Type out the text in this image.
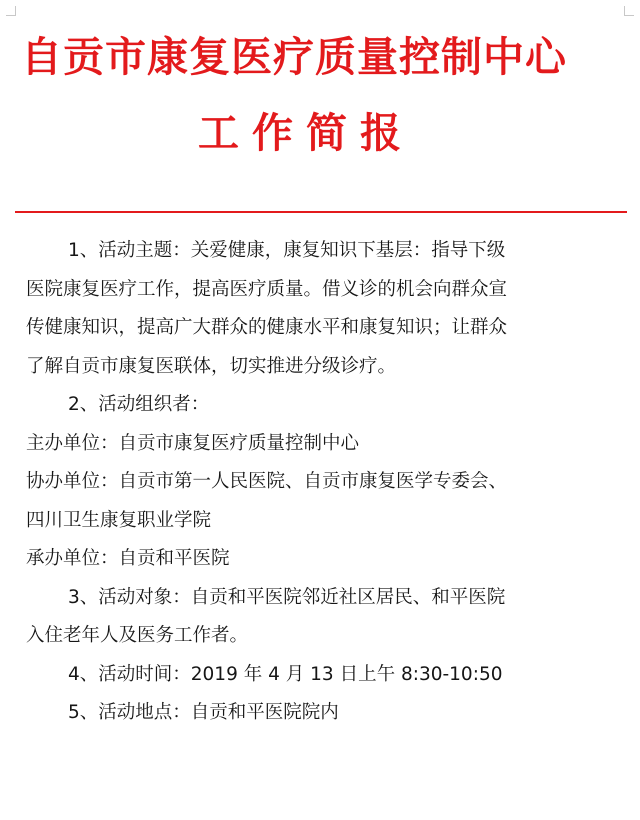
自贡市康复医疗质量控制中心
工作简报

1、活动主题：关爱健康，康复知识下基层：指导下级
医院康复医疗工作，提高医疗质量。借义诊的机会向群众宣
传健康知识，提高广大群众的健康水平和康复知识；让群众
了解自贡市康复医联体，切实推进分级诊疗。

2、活动组织者：

主办单位：自贡市康复医疗质量控制中心

协办单位：自贡市第一人民医院、自贡市康复医学专委会、
四川卫生康复职业学院

承办单位：自贡和平医院

3、活动对象：自贡和平医院邻近社区居民、和平医院
入住老年人及医务工作者。

4、活动时间：2019 年 4 月 13 日上午 8:30-10:50

5、活动地点：自贡和平医院院内
